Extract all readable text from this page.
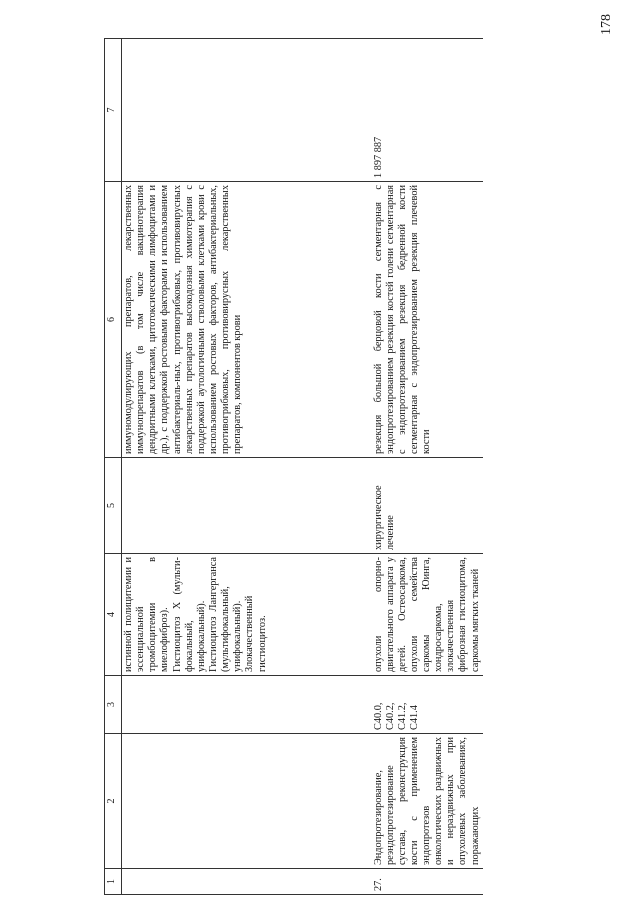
178
1	2	3	4	5	6	7
			истинной полицитемии и эссенциальной тромбоцитемии в миелофиброз). Гистиоцитоз X (мульти-фокальный, унифокальный). Гистиоцитоз Лангерганса (мультифокальный, унифокальный). Злокачественный гистиоцитоз.		иммуномодулирующих препаратов, лекарственных иммунопрепаратов (в том числе вакцинотерапия дендритными клетками, цитотоксическими лимфоцитами и др.), с поддержкой ростовыми факторами и использованием антибактериаль-ных, противогрибковых, противовирусных лекарственных препаратов высокодозная химиотерапия с поддержкой аутологичными стволовыми клетками крови с использованием ростовых факторов, антибактериальных, противогрибковых, противовирусных лекарственных препаратов, компонентов крови	
27.	Эндопротезирование, реэндопротезирование сустава, реконструкция кости с применением эндопротезов онкологических раздвижных и нераздвижных при опухолевых заболеваниях, поражающих	C40.0, C40.2, C41.2, C41.4	опухоли опорно-двигательного аппарата у детей. Остеосаркома, опухоли семейства саркомы Юинга, хондросаркома, злокачественная фиброзная гистиоцитома, саркомы мягких тканей	хирургическое лечение	резекция большой берцовой кости сегментарная с эндопротезированием резекция костей голени сегментарная с эндопротезированием резекция бедренной кости сегментарная с эндопротезированием резекция плечевой кости	1 897 887
